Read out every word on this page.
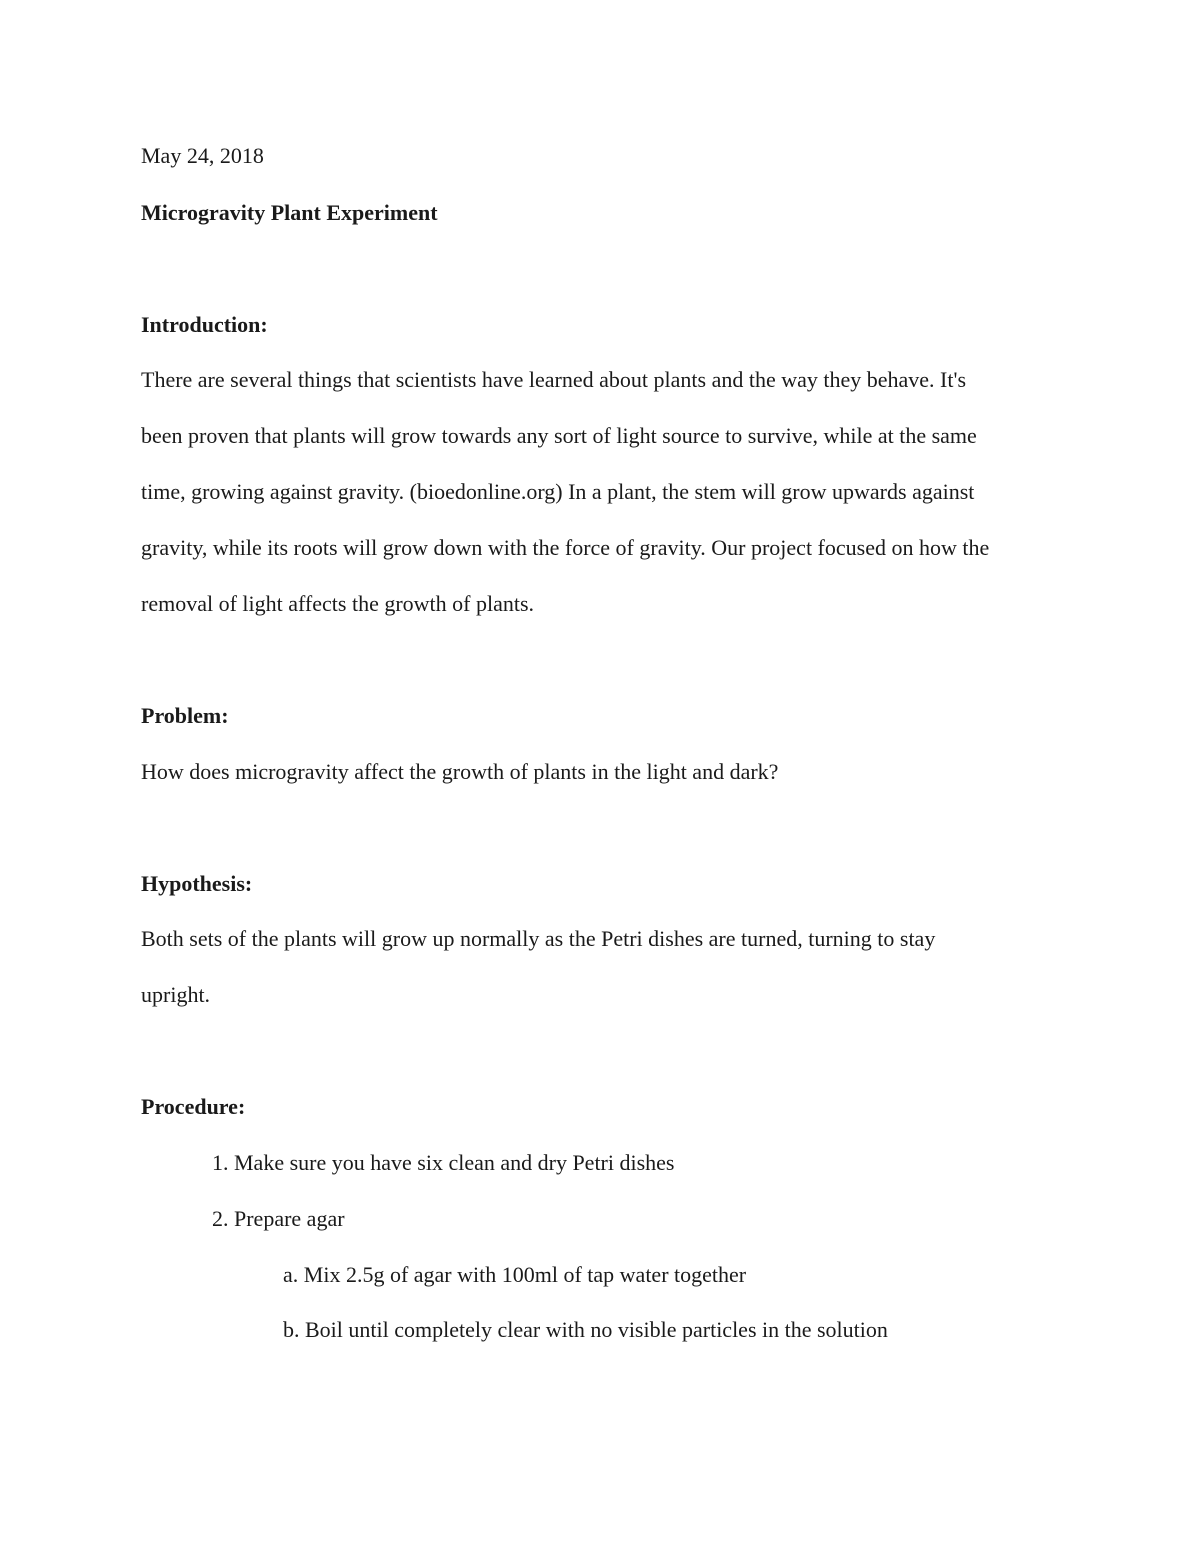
May 24, 2018
Microgravity Plant Experiment
Introduction:
There are several things that scientists have learned about plants and the way they behave. It's
been proven that plants will grow towards any sort of light source to survive, while at the same
time, growing against gravity. (bioedonline.org) In a plant, the stem will grow upwards against
gravity, while its roots will grow down with the force of gravity. Our project focused on how the
removal of light affects the growth of plants.
Problem:
How does microgravity affect the growth of plants in the light and dark?
Hypothesis:
Both sets of the plants will grow up normally as the Petri dishes are turned, turning to stay
upright.
Procedure:
1. Make sure you have six clean and dry Petri dishes
2. Prepare agar
a. Mix 2.5g of agar with 100ml of tap water together
b. Boil until completely clear with no visible particles in the solution
